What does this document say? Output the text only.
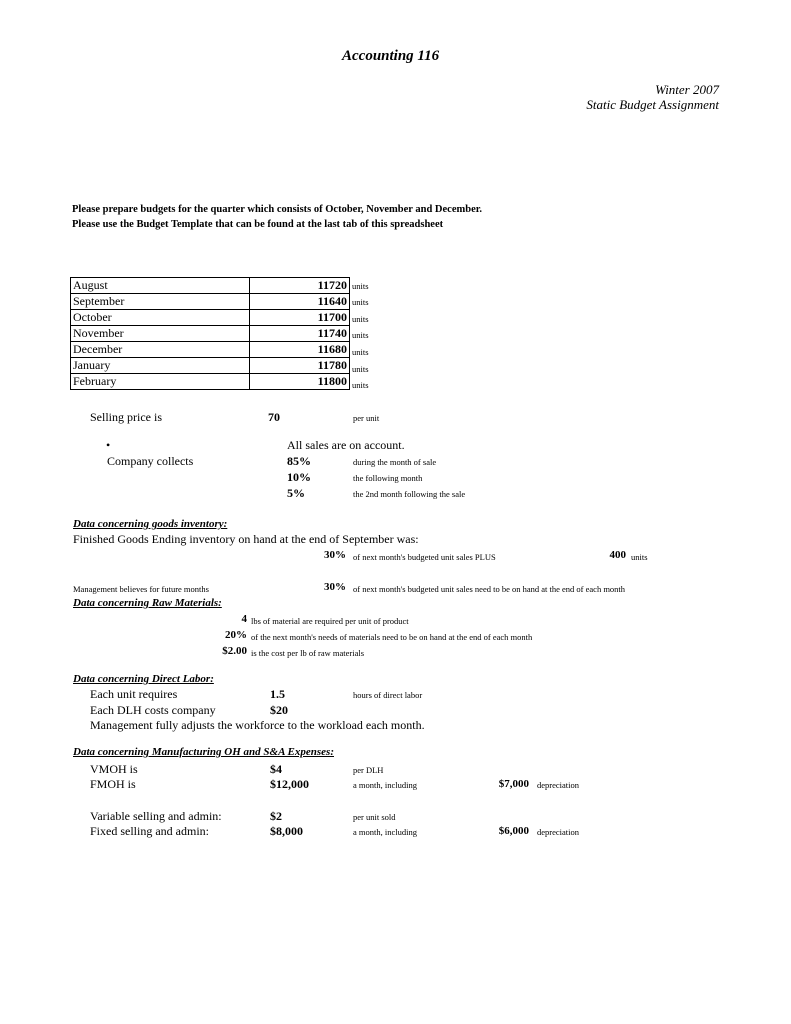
Accounting 116
Winter 2007
Static Budget Assignment
Please prepare budgets for the quarter which consists of October, November and December.
Please use the Budget Template that can be found at the last tab of this spreadsheet
August	11720
September	11640
October	11700
November	11740
December	11680
January	11780
February	11800
units
units
units
units
units
units
units
Selling price is	70	per unit
•	All sales are on account.
Company collects	85%	during the month of sale
10%	the following month
5%	the 2nd month following the sale
Data concerning goods inventory:
Finished Goods Ending inventory on hand at the end of September was:
30% of next month's budgeted unit sales PLUS	400 units
Management believes for future months	30% of next month's budgeted unit sales need to be on hand at the end of each month
Data concerning Raw Materials:
4 lbs of material are required per unit of product
20% of the next month's needs of materials need to be on hand at the end of each month
$2.00 is the cost per lb of raw materials
Data concerning Direct Labor:
Each unit requires	1.5	hours of direct labor
Each DLH costs company	$20
Management fully adjusts the workforce to the workload each month.
Data concerning Manufacturing OH and S&A Expenses:
VMOH is	$4	per DLH
FMOH is	$12,000	a month, including	$7,000 depreciation
Variable selling and admin:	$2	per unit sold
Fixed selling and admin:	$8,000	a month, including	$6,000 depreciation
